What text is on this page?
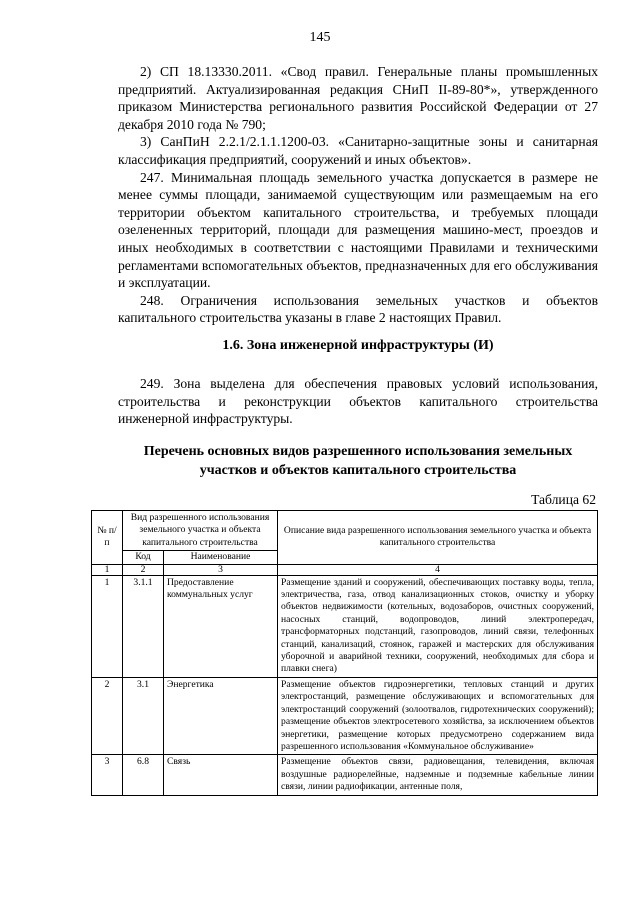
145

2) СП 18.13330.2011. «Свод правил. Генеральные планы промышленных предприятий. Актуализированная редакция СНиП II-89-80*», утвержденного приказом Министерства регионального развития Российской Федерации от 27 декабря 2010 года № 790;

3) СанПиН 2.2.1/2.1.1.1200-03. «Санитарно-защитные зоны и санитарная классификация предприятий, сооружений и иных объектов».

247. Минимальная площадь земельного участка допускается в размере не менее суммы площади, занимаемой существующим или размещаемым на его территории объектом капитального строительства, и требуемых площади озелененных территорий, площади для размещения машино-мест, проездов и иных необходимых в соответствии с настоящими Правилами и техническими регламентами вспомогательных объектов, предназначенных для его обслуживания и эксплуатации.

248. Ограничения использования земельных участков и объектов капитального строительства указаны в главе 2 настоящих Правил.

1.6. Зона инженерной инфраструктуры (И)

249. Зона выделена для обеспечения правовых условий использования, строительства и реконструкции объектов капитального строительства инженерной инфраструктуры.

Перечень основных видов разрешенного использования земельных участков и объектов капитального строительства
Таблица 62
№ п/п	Вид разрешенного использования земельного участка и объекта капитального строительства		Описание вида разрешенного использования земельного участка и объекта капитального строительства
	Код	Наименование	
1	2	3	4
1	3.1.1	Предоставление коммунальных услуг	Размещение зданий и сооружений, обеспечивающих поставку воды, тепла, электричества, газа, отвод канализационных стоков, очистку и уборку объектов недвижимости (котельных, водозаборов, очистных сооружений, насосных станций, водопроводов, линий электропередач, трансформаторных подстанций, газопроводов, линий связи, телефонных станций, канализаций, стоянок, гаражей и мастерских для обслуживания уборочной и аварийной техники, сооружений, необходимых для сбора и плавки снега)
2	3.1	Энергетика	Размещение объектов гидроэнергетики, тепловых станций и других электростанций, размещение обслуживающих и вспомогательных для электростанций сооружений (золоотвалов, гидротехнических сооружений); размещение объектов электросетевого хозяйства, за исключением объектов энергетики, размещение которых предусмотрено содержанием вида разрешенного использования «Коммунальное обслуживание»
3	6.8	Связь	Размещение объектов связи, радиовещания, телевидения, включая воздушные радиорелейные, надземные и подземные кабельные линии связи, линии радиофикации, антенные поля,
